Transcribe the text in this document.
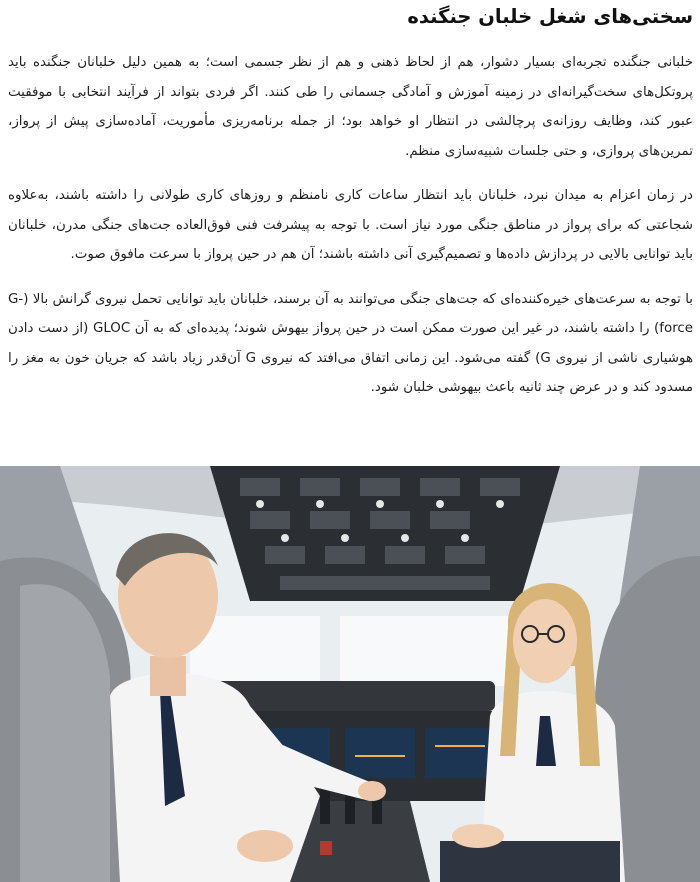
سختی‌های شغل خلبان جنگنده

خلبانی جنگنده تجربه‌ای بسیار دشوار، هم از لحاظ ذهنی و هم از نظر جسمی است؛ به همین دلیل خلبانان جنگنده باید پروتکل‌های سخت‌گیرانه‌ای در زمینه آموزش و آمادگی جسمانی را طی کنند. اگر فردی بتواند از فرآیند انتخابی با موفقیت عبور کند، وظایف روزانه‌ی پرچالشی در انتظار او خواهد بود؛ از جمله برنامه‌ریزی مأموریت، آماده‌سازی پیش از پرواز، تمرین‌های پروازی، و حتی جلسات شبیه‌سازی منظم.

در زمان اعزام به میدان نبرد، خلبانان باید انتظار ساعات کاری نامنظم و روزهای کاری طولانی را داشته باشند، به‌علاوه شجاعتی که برای پرواز در مناطق جنگی مورد نیاز است. با توجه به پیشرفت فنی فوق‌العاده جت‌های جنگی مدرن، خلبانان باید توانایی بالایی در پردازش داده‌ها و تصمیم‌گیری آنی داشته باشند؛ آن هم در حین پرواز با سرعت مافوق صوت.

با توجه به سرعت‌های خیره‌کننده‌ای که جت‌های جنگی می‌توانند به آن برسند، خلبانان باید توانایی تحمل نیروی گرانش بالا (G-force) را داشته باشند، در غیر این صورت ممکن است در حین پرواز بیهوش شوند؛ پدیده‌ای که به آن GLOC (از دست دادن هوشیاری ناشی از نیروی G) گفته می‌شود. این زمانی اتفاق می‌افتد که نیروی G آن‌قدر زیاد باشد که جریان خون به مغز را مسدود کند و در عرض چند ثانیه باعث بیهوشی خلبان شود.
